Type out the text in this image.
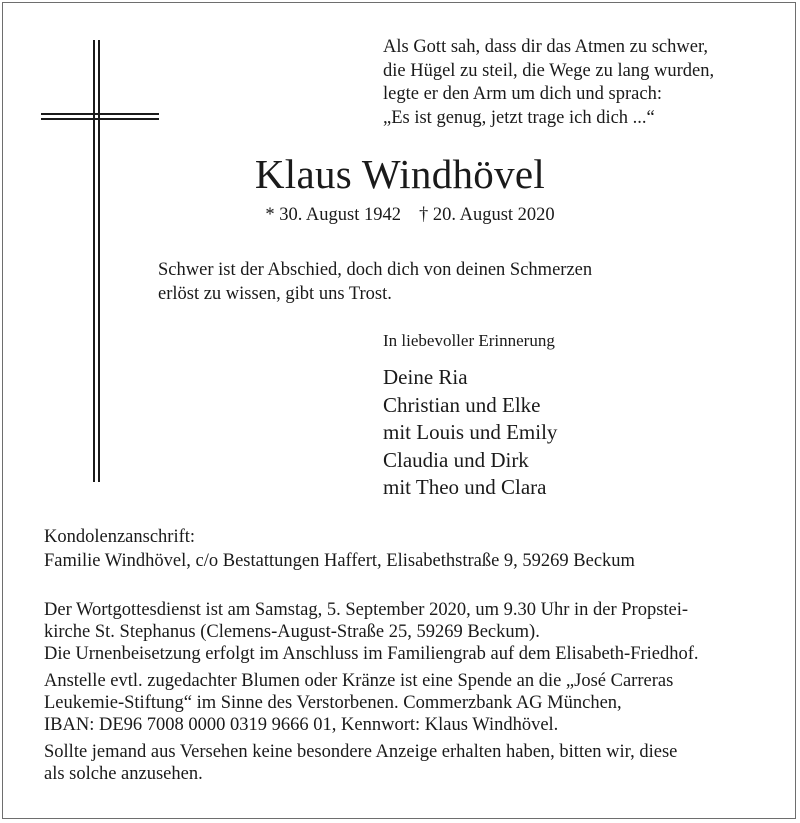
Als Gott sah, dass dir das Atmen zu schwer,
die Hügel zu steil, die Wege zu lang wurden,
legte er den Arm um dich und sprach:
„Es ist genug, jetzt trage ich dich ...“
Klaus Windhövel
* 30. August 1942 † 20. August 2020
Schwer ist der Abschied, doch dich von deinen Schmerzen
erlöst zu wissen, gibt uns Trost.
In liebevoller Erinnerung
Deine Ria
Christian und Elke
mit Louis und Emily
Claudia und Dirk
mit Theo und Clara
Kondolenzanschrift:
Familie Windhövel, c/o Bestattungen Haffert, Elisabethstraße 9, 59269 Beckum
Der Wortgottesdienst ist am Samstag, 5. September 2020, um 9.30 Uhr in der Propstei-
kirche St. Stephanus (Clemens-August-Straße 25, 59269 Beckum).
Die Urnenbeisetzung erfolgt im Anschluss im Familiengrab auf dem Elisabeth-Friedhof.
Anstelle evtl. zugedachter Blumen oder Kränze ist eine Spende an die „José Carreras
Leukemie-Stiftung“ im Sinne des Verstorbenen. Commerzbank AG München,
IBAN: DE96 7008 0000 0319 9666 01, Kennwort: Klaus Windhövel.
Sollte jemand aus Versehen keine besondere Anzeige erhalten haben, bitten wir, diese
als solche anzusehen.
